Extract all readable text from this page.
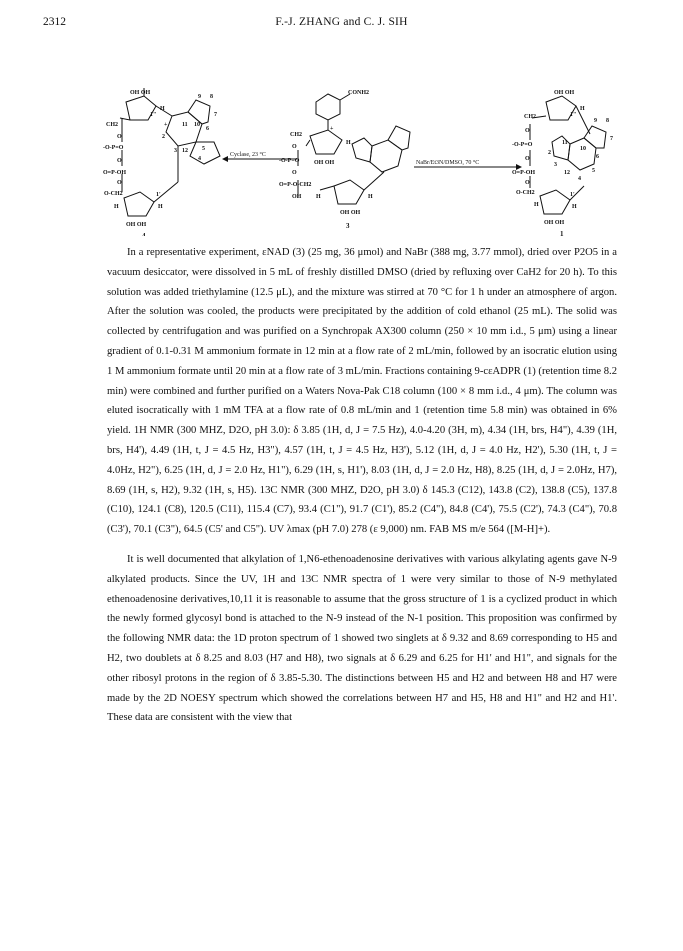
2312	F.-J. ZHANG and C. J. SIH
OH OH
CH2
O
-O-P=O
O
O=P-OH
O
O-CH2
OH OH
4
H	H
H
+
9 8
7
11 10
6
2
3 12 5
4
1"
1'
CONH2
+
CH2
O
-O-P=O
O
O=P-O-CH2
OH
OH OH
OH OH
3
H	H
H
OH OH
CH2
O
-O-P=O
O
O=P-OH
O
O-CH2
OH OH
1
H	H
H
9 8
7
11
10
6
2
3
12	5
4
1"
1'
Cyclase, 23 °C
NaBr/Et3N/DMSO, 70 °C

In a representative experiment, εNAD (3) (25 mg, 36 μmol) and NaBr (388 mg, 3.77 mmol), dried over P2O5 in a vacuum desiccator, were dissolved in 5 mL of freshly distilled DMSO (dried by refluxing over CaH2 for 20 h). To this solution was added triethylamine (12.5 μL), and the mixture was stirred at 70 °C for 1 h under an atmosphere of argon. After the solution was cooled, the products were precipitated by the addition of cold ethanol (25 mL). The solid was collected by centrifugation and was purified on a Synchropak AX300 column (250 × 10 mm i.d., 5 μm) using a linear gradient of 0.1-0.31 M ammonium formate in 12 min at a flow rate of 2 mL/min, followed by an isocratic elution using 1 M ammonium formate until 20 min at a flow rate of 3 mL/min. Fractions containing 9-cεADPR (1) (retention time 8.2 min) were combined and further purified on a Waters Nova-Pak C18 column (100 × 8 mm i.d., 4 μm). The column was eluted isocratically with 1 mM TFA at a flow rate of 0.8 mL/min and 1 (retention time 5.8 min) was obtained in 6% yield. 1H NMR (300 MHZ, D2O, pH 3.0): δ 3.85 (1H, d, J = 7.5 Hz), 4.0-4.20 (3H, m), 4.34 (1H, brs, H4"), 4.39 (1H, brs, H4'), 4.49 (1H, t, J = 4.5 Hz, H3"), 4.57 (1H, t, J = 4.5 Hz, H3'), 5.12 (1H, d, J = 4.0 Hz, H2'), 5.30 (1H, t, J = 4.0Hz, H2"), 6.25 (1H, d, J = 2.0 Hz, H1"), 6.29 (1H, s, H1'), 8.03 (1H, d, J = 2.0 Hz, H8), 8.25 (1H, d, J = 2.0Hz, H7), 8.69 (1H, s, H2), 9.32 (1H, s, H5). 13C NMR (300 MHZ, D2O, pH 3.0) δ 145.3 (C12), 143.8 (C2), 138.8 (C5), 137.8 (C10), 124.1 (C8), 120.5 (C11), 115.4 (C7), 93.4 (C1"), 91.7 (C1'), 85.2 (C4"), 84.8 (C4'), 75.5 (C2'), 74.3 (C4"), 70.8 (C3'), 70.1 (C3"), 64.5 (C5' and C5"). UV λmax (pH 7.0) 278 (ε 9,000) nm. FAB MS m/e 564 ([M-H]+).

It is well documented that alkylation of 1,N6-ethenoadenosine derivatives with various alkylating agents gave N-9 alkylated products. Since the UV, 1H and 13C NMR spectra of 1 were very similar to those of N-9 methylated ethenoadenosine derivatives,10,11 it is reasonable to assume that the gross structure of 1 is a cyclized product in which the newly formed glycosyl bond is attached to the N-9 instead of the N-1 position. This proposition was confirmed by the following NMR data: the 1D proton spectrum of 1 showed two singlets at δ 9.32 and 8.69 corresponding to H5 and H2, two doublets at δ 8.25 and 8.03 (H7 and H8), two signals at δ 6.29 and 6.25 for H1' and H1", and signals for the other ribosyl protons in the region of δ 3.85-5.30. The distinctions between H5 and H2 and between H8 and H7 were made by the 2D NOESY spectrum which showed the correlations between H7 and H5, H8 and H1" and H2 and H1'. These data are consistent with the view that
